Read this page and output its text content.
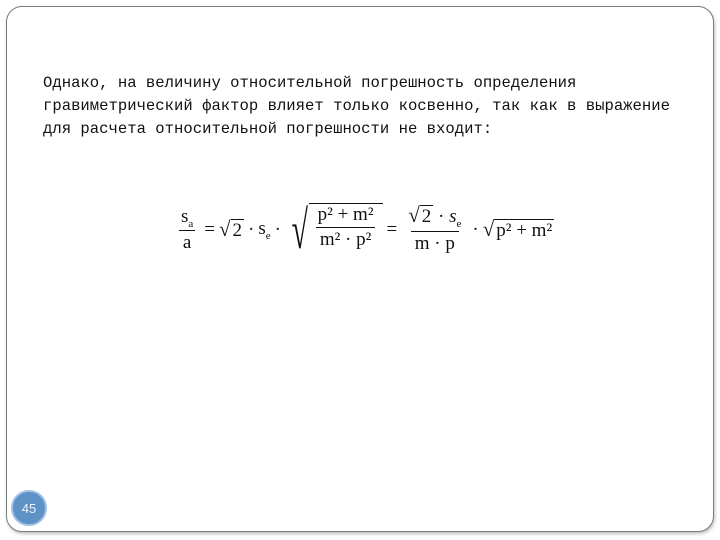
Однако, на величину относительной погрешность определения
гравиметрический фактор влияет только косвенно, так как в выражение
для расчета относительной погрешности не входит:
$\frac{s_a}{a}$ = √ $2 \cdot s_e$ · √ $\frac{\text{p² + m²}}{\text{m² · p²}} = \frac{√ 2 \cdot s_e}{m \cdot p}$ · √ p² + m²
45
